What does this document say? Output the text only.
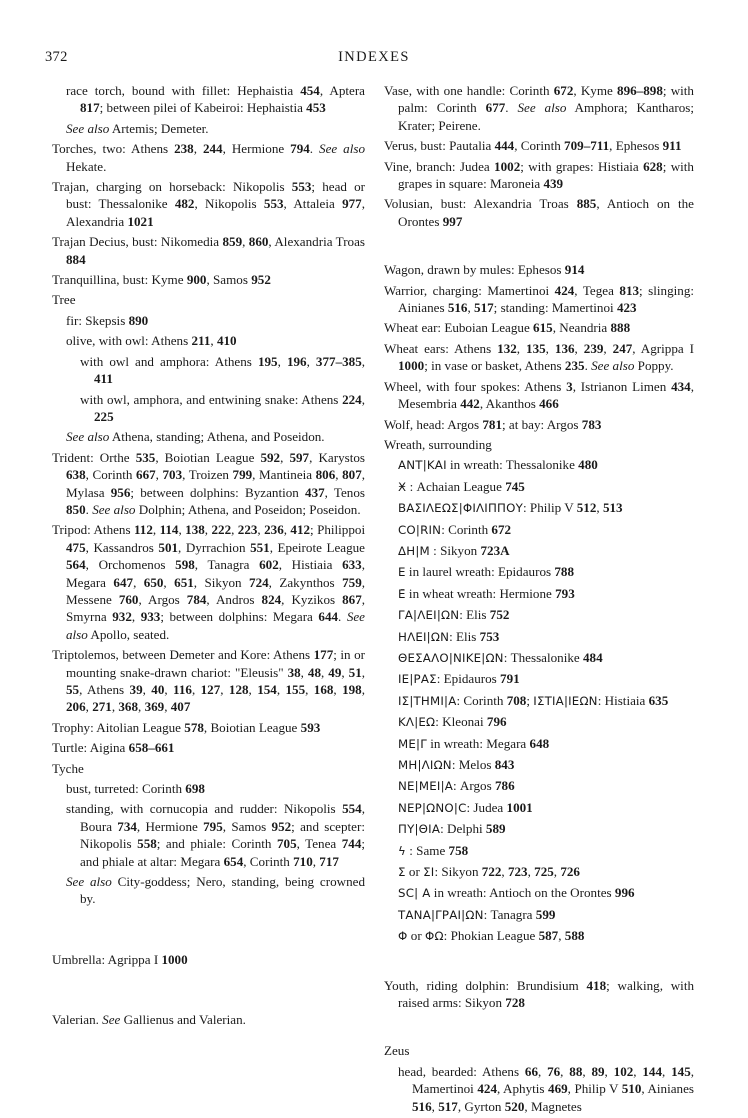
372	INDEXES
race torch, bound with fillet: Hephaistia 454, Aptera 817; between pilei of Kabeiroi: Hephaistia 453
See also Artemis; Demeter.
Torches, two: Athens 238, 244, Hermione 794. See also Hekate.
Trajan, charging on horseback: Nikopolis 553; head or bust: Thessalonike 482, Nikopolis 553, Attaleia 977, Alexandria 1021
Trajan Decius, bust: Nikomedia 859, 860, Alexandria Troas 884
Tranquillina, bust: Kyme 900, Samos 952
Tree
fir: Skepsis 890
olive, with owl: Athens 211, 410
with owl and amphora: Athens 195, 196, 377–385, 411
with owl, amphora, and entwining snake: Athens 224, 225
See also Athena, standing; Athena, and Poseidon.
Trident: Orthe 535, Boiotian League 592, 597, Karystos 638, Corinth 667, 703, Troizen 799, Mantineia 806, 807, Mylasa 956; between dolphins: Byzantion 437, Tenos 850. See also Dolphin; Athena, and Poseidon; Poseidon.
Tripod: Athens 112, 114, 138, 222, 223, 236, 412; Philippoi 475, Kassandros 501, Dyrrachion 551, Epeirote League 564, Orchomenos 598, Tanagra 602, Histiaia 633, Megara 647, 650, 651, Sikyon 724, Zakynthos 759, Messene 760, Argos 784, Andros 824, Kyzikos 867, Smyrna 932, 933; between dolphins: Megara 644. See also Apollo, seated.
Triptolemos, between Demeter and Kore: Athens 177; in or mounting snake-drawn chariot: "Eleusis" 38, 48, 49, 51, 55, Athens 39, 40, 116, 127, 128, 154, 155, 168, 198, 206, 271, 368, 369, 407
Trophy: Aitolian League 578, Boiotian League 593
Turtle: Aigina 658–661
Tyche
bust, turreted: Corinth 698
standing, with cornucopia and rudder: Nikopolis 554, Boura 734, Hermione 795, Samos 952; and scepter: Nikopolis 558; and phiale: Corinth 705, Tenea 744; and phiale at altar: Megara 654, Corinth 710, 717
See also City-goddess; Nero, standing, being crowned by.
Umbrella: Agrippa I 1000
Valerian. See Gallienus and Valerian.
Vase, with one handle: Corinth 672, Kyme 896–898; with palm: Corinth 677. See also Amphora; Kantharos; Krater; Peirene.
Verus, bust: Pautalia 444, Corinth 709–711, Ephesos 911
Vine, branch: Judea 1002; with grapes: Histiaia 628; with grapes in square: Maroneia 439
Volusian, bust: Alexandria Troas 885, Antioch on the Orontes 997
Wagon, drawn by mules: Ephesos 914
Warrior, charging: Mamertinoi 424, Tegea 813; slinging: Ainianes 516, 517; standing: Mamertinoi 423
Wheat ear: Euboian League 615, Neandria 888
Wheat ears: Athens 132, 135, 136, 239, 247, Agrippa I 1000; in vase or basket, Athens 235. See also Poppy.
Wheel, with four spokes: Athens 3, Istrianon Limen 434, Mesembria 442, Akanthos 466
Wolf, head: Argos 781; at bay: Argos 783
Wreath, surrounding
ΑΝΤ|ΚΑΙ in wreath: Thessalonike 480
Ӿ : Achaian League 745
ΒΑΣΙΛΕΩΣ|ΦΙΛΙΠΠΟΥ: Philip V 512, 513
CO|RIN: Corinth 672
ΔΗ|Μ : Sikyon 723A
Ε in laurel wreath: Epidauros 788
Ε̄ in wheat wreath: Hermione 793
ΓΑ|ΛΕΙ|ΩΝ: Elis 752
ΗΛΕΙ|ΩΝ: Elis 753
ΘΕΣΑΛΟ|ΝΙΚΕ|ΩΝ: Thessalonike 484
ΙΕ|ΡΑΣ: Epidauros 791
ΙΣ|ΤΗΜΙ|Α: Corinth 708; ΙΣΤΙΑ|ΙΕΩΝ: Histiaia 635
ΚΛ|ΕΩ: Kleonai 796
ΜΕ|Γ in wreath: Megara 648
ΜΗ|ΛΙΩΝ: Melos 843
ΝΕ|ΜΕΙ|Α: Argos 786
ΝΕΡ|ΩΝΟ|C: Judea 1001
ΠΥ|ΘΙΑ: Delphi 589
ϟ : Same 758
Σ or ΣΙ: Sikyon 722, 723, 725, 726
SC| A in wreath: Antioch on the Orontes 996
ΤΑΝΑ|ΓΡΑΙ|ΩΝ: Tanagra 599
Φ or ΦΩ: Phokian League 587, 588
Youth, riding dolphin: Brundisium 418; walking, with raised arms: Sikyon 728
Zeus
head, bearded: Athens 66, 76, 88, 89, 102, 144, 145, Mamertinoi 424, Aphytis 469, Philip V 510, Ainianes 516, 517, Gyrton 520, Magnetes
